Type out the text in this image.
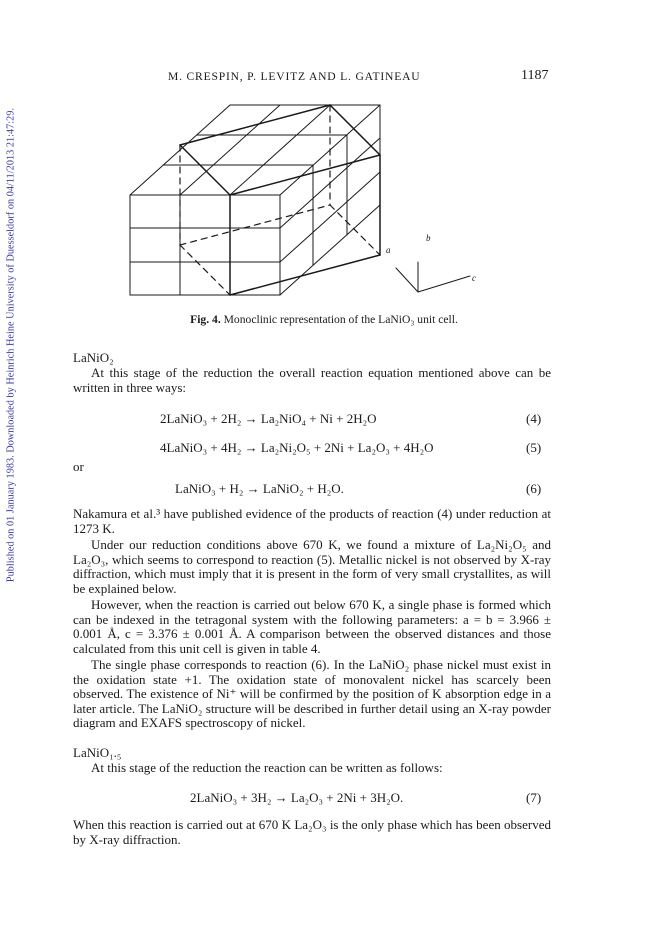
Published on 01 January 1983. Downloaded by Heinrich Heine University of Duesseldorf on 04/11/2013 21:47:29.
M. CRESPIN, P. LEVITZ AND L. GATINEAU	1187
b
a
c
Fig. 4. Monoclinic representation of the LaNiO₃ unit cell.
LaNiO₂
At this stage of the reduction the overall reaction equation mentioned above can be written in three ways:
2LaNiO₃ + 2H₂ → La₂NiO₄ + Ni + 2H₂O	(4)
4LaNiO₃ + 4H₂ → La₂Ni₂O₅ + 2Ni + La₂O₃ + 4H₂O	(5)
or
LaNiO₃ + H₂ → LaNiO₂ + H₂O.	(6)
Nakamura et al.³ have published evidence of the products of reaction (4) under reduction at 1273 K.
Under our reduction conditions above 670 K, we found a mixture of La₂Ni₂O₅ and La₂O₃, which seems to correspond to reaction (5). Metallic nickel is not observed by X-ray diffraction, which must imply that it is present in the form of very small crystallites, as will be explained below.
However, when the reaction is carried out below 670 K, a single phase is formed which can be indexed in the tetragonal system with the following parameters: a = b = 3.966 ± 0.001 Å, c = 3.376 ± 0.001 Å. A comparison between the observed distances and those calculated from this unit cell is given in table 4.
The single phase corresponds to reaction (6). In the LaNiO₂ phase nickel must exist in the oxidation state +1. The oxidation state of monovalent nickel has scarcely been observed. The existence of Ni⁺ will be confirmed by the position of K absorption edge in a later article. The LaNiO₂ structure will be described in further detail using an X-ray powder diagram and EXAFS spectroscopy of nickel.
LaNiO₁.₅
At this stage of the reduction the reaction can be written as follows:
2LaNiO₃ + 3H₂ → La₂O₃ + 2Ni + 3H₂O.	(7)
When this reaction is carried out at 670 K La₂O₃ is the only phase which has been observed by X-ray diffraction.
